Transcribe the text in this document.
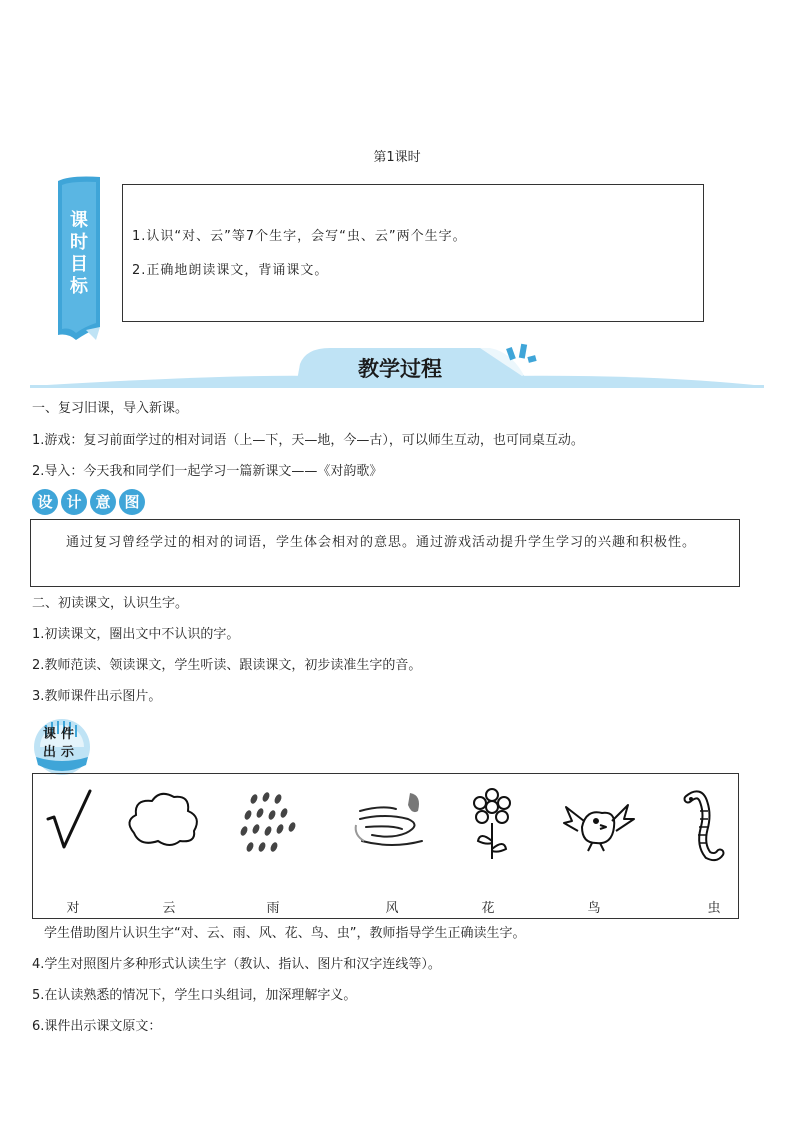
第1课时
课时目标
1.认识“对、云”等7个生字，会写“虫、云”两个生字。
2.正确地朗读课文，背诵课文。
教学过程
一、复习旧课，导入新课。
1.游戏：复习前面学过的相对词语（上—下，天—地，今—古），可以师生互动，也可同桌互动。
2.导入：今天我和同学们一起学习一篇新课文——《对韵歌》
设 计 意 图
通过复习曾经学过的相对的词语，学生体会相对的意思。通过游戏活动提升学生学习的兴趣和积极性。
二、初读课文，认识生字。
1.初读课文，圈出文中不认识的字。
2.教师范读、领读课文，学生听读、跟读课文，初步读准生字的音。
3.教师课件出示图片。
课件出示
对	云	雨	风	花	鸟	虫
学生借助图片认识生字“对、云、雨、风、花、鸟、虫”，教师指导学生正确读生字。
4.学生对照图片多种形式认读生字（教认、指认、图片和汉字连线等）。
5.在认读熟悉的情况下，学生口头组词，加深理解字义。
6.课件出示课文原文：
